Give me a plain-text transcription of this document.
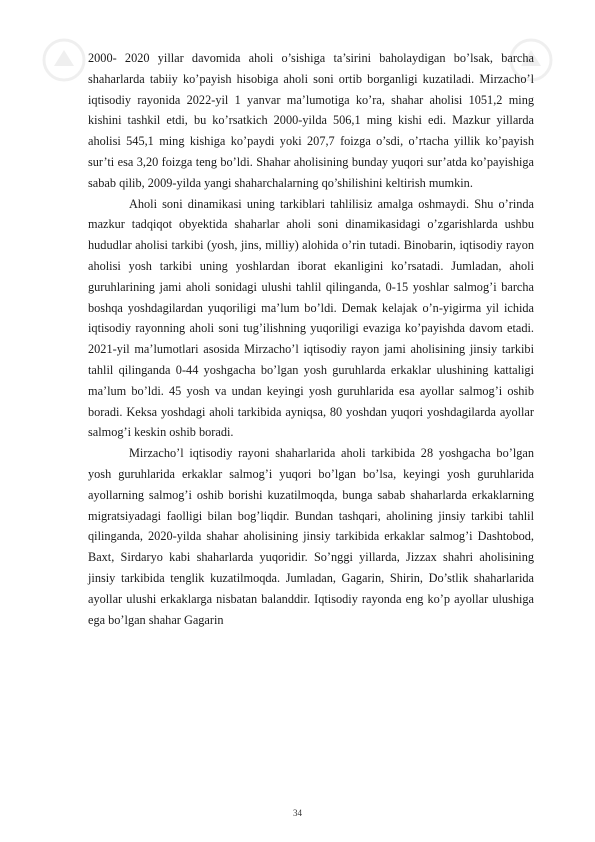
2000- 2020 yillar davomida aholi o’sishiga ta’sirini baholaydigan bo’lsak, barcha shaharlarda tabiiy ko’payish hisobiga aholi soni ortib borganligi kuzatiladi. Mirzacho’l iqtisodiy rayonida 2022-yil 1 yanvar ma’lumotiga ko’ra, shahar aholisi 1051,2 ming kishini tashkil etdi, bu ko’rsatkich 2000-yilda 506,1 ming kishi edi. Mazkur yillarda aholisi 545,1 ming kishiga ko’paydi yoki 207,7 foizga o’sdi, o’rtacha yillik ko’payish sur’ti esa 3,20 foizga teng bo’ldi. Shahar aholisining bunday yuqori sur’atda ko’payishiga sabab qilib, 2009-yilda yangi shaharchalarning qo’shilishini keltirish mumkin.

Aholi soni dinamikasi uning tarkiblari tahlilisiz amalga oshmaydi. Shu o’rinda mazkur tadqiqot obyektida shaharlar aholi soni dinamikasidagi o’zgarishlarda ushbu hududlar aholisi tarkibi (yosh, jins, milliy) alohida o’rin tutadi. Binobarin, iqtisodiy rayon aholisi yosh tarkibi uning yoshlardan iborat ekanligini ko’rsatadi. Jumladan, aholi guruhlarining jami aholi sonidagi ulushi tahlil qilinganda, 0-15 yoshlar salmog’i barcha boshqa yoshdagilardan yuqoriligi ma’lum bo’ldi. Demak kelajak o’n-yigirma yil ichida iqtisodiy rayonning aholi soni tug’ilishning yuqoriligi evaziga ko’payishda davom etadi. 2021-yil ma’lumotlari asosida Mirzacho’l iqtisodiy rayon jami aholisining jinsiy tarkibi tahlil qilinganda 0-44 yoshgacha bo’lgan yosh guruhlarda erkaklar ulushining kattaligi ma’lum bo’ldi. 45 yosh va undan keyingi yosh guruhlarida esa ayollar salmog’i oshib boradi. Keksa yoshdagi aholi tarkibida ayniqsa, 80 yoshdan yuqori yoshdagilarda ayollar salmog’i keskin oshib boradi.

Mirzacho’l iqtisodiy rayoni shaharlarida aholi tarkibida 28 yoshgacha bo’lgan yosh guruhlarida erkaklar salmog’i yuqori bo’lgan bo’lsa, keyingi yosh guruhlarida ayollarning salmog’i oshib borishi kuzatilmoqda, bunga sabab shaharlarda erkaklarning migratsiyadagi faolligi bilan bog’liqdir. Bundan tashqari, aholining jinsiy tarkibi tahlil qilinganda, 2020-yilda shahar aholisining jinsiy tarkibida erkaklar salmog’i Dashtobod, Baxt, Sirdaryo kabi shaharlarda yuqoridir. So’nggi yillarda, Jizzax shahri aholisining jinsiy tarkibida tenglik kuzatilmoqda. Jumladan, Gagarin, Shirin, Do’stlik shaharlarida ayollar ulushi erkaklarga nisbatan balanddir. Iqtisodiy rayonda eng ko’p ayollar ulushiga ega bo’lgan shahar Gagarin

34
